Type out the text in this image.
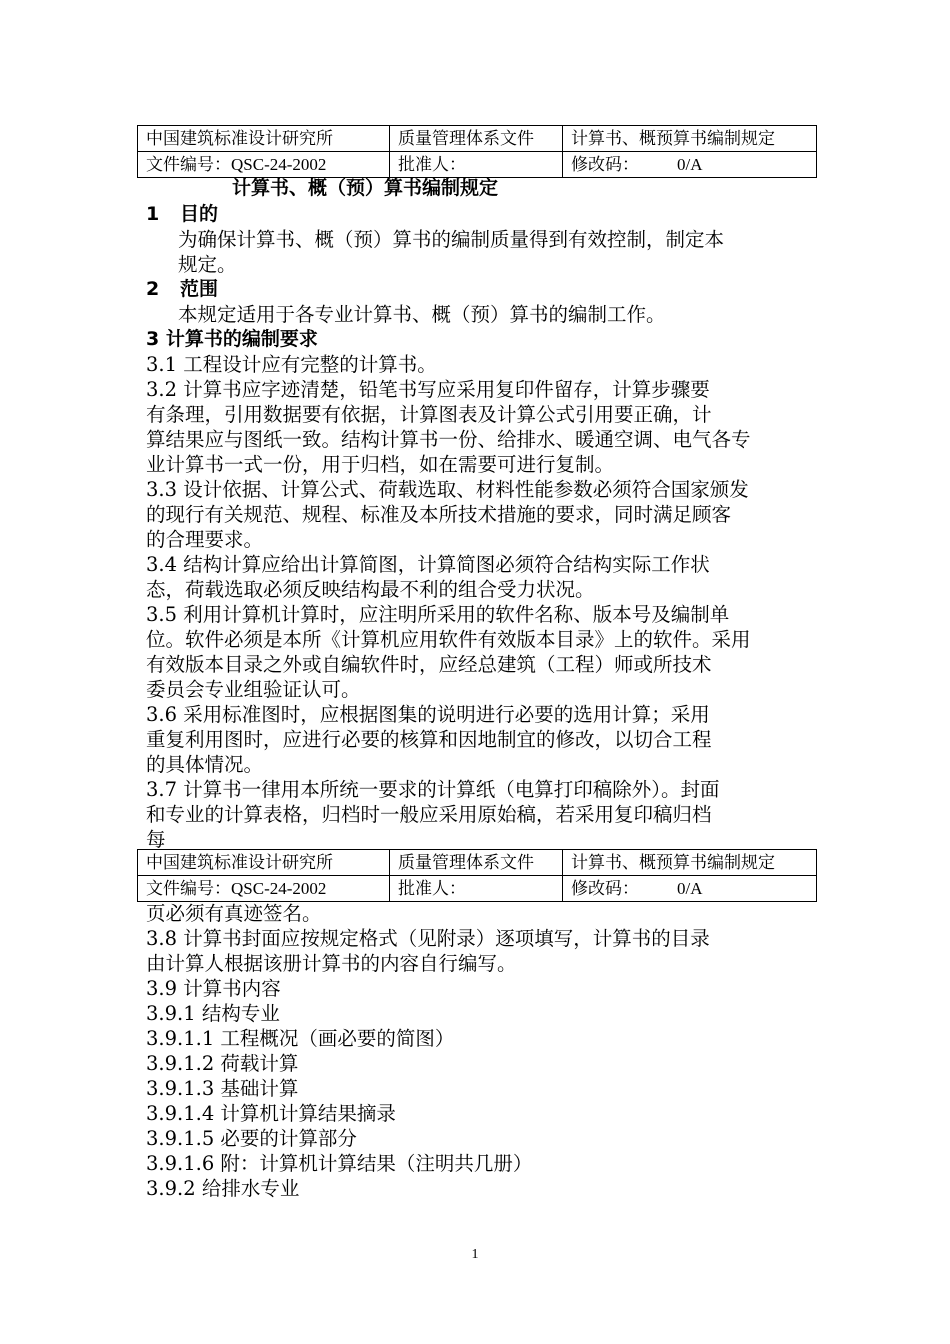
中国建筑标准设计研究所	质量管理体系文件	计算书、概预算书编制规定
文件编号：QSC-24-2002	批准人：	修改码： 0/A
计算书、概（预）算书编制规定
1 目的
为确保计算书、概（预）算书的编制质量得到有效控制，制定本
规定。
2 范围
本规定适用于各专业计算书、概（预）算书的编制工作。
3 计算书的编制要求
3.1 工程设计应有完整的计算书。
3.2 计算书应字迹清楚，铅笔书写应采用复印件留存，计算步骤要
有条理，引用数据要有依据，计算图表及计算公式引用要正确，计
算结果应与图纸一致。结构计算书一份、给排水、暖通空调、电气各专
业计算书一式一份，用于归档，如在需要可进行复制。
3.3 设计依据、计算公式、荷载选取、材料性能参数必须符合国家颁发
的现行有关规范、规程、标准及本所技术措施的要求，同时满足顾客
的合理要求。
3.4 结构计算应给出计算简图，计算简图必须符合结构实际工作状
态，荷载选取必须反映结构最不利的组合受力状况。
3.5 利用计算机计算时，应注明所采用的软件名称、版本号及编制单
位。软件必须是本所《计算机应用软件有效版本目录》上的软件。采用
有效版本目录之外或自编软件时，应经总建筑（工程）师或所技术
委员会专业组验证认可。
3.6 采用标准图时，应根据图集的说明进行必要的选用计算；采用
重复利用图时，应进行必要的核算和因地制宜的修改，以切合工程
的具体情况。
3.7 计算书一律用本所统一要求的计算纸（电算打印稿除外）。封面
和专业的计算表格，归档时一般应采用原始稿，若采用复印稿归档
每
中国建筑标准设计研究所	质量管理体系文件	计算书、概预算书编制规定
文件编号：QSC-24-2002	批准人：	修改码： 0/A
页必须有真迹签名。
3.8 计算书封面应按规定格式（见附录）逐项填写，计算书的目录
由计算人根据该册计算书的内容自行编写。
3.9 计算书内容
3.9.1 结构专业
3.9.1.1 工程概况（画必要的简图）
3.9.1.2 荷载计算
3.9.1.3 基础计算
3.9.1.4 计算机计算结果摘录
3.9.1.5 必要的计算部分
3.9.1.6 附：计算机计算结果（注明共几册）
3.9.2 给排水专业
1
